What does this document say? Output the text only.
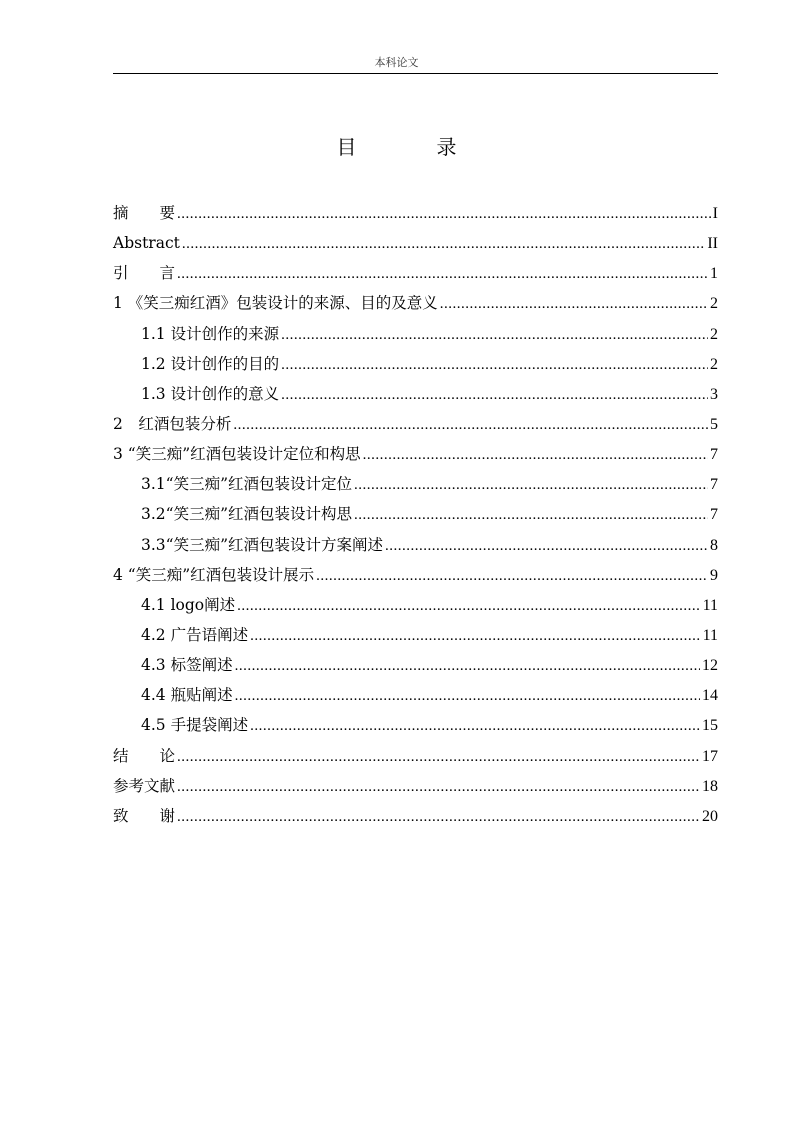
本科论文
目　录
摘　　要 .....	I
Abstract .....	II
引　　言 .....	1
1 《笑三痴红酒》包装设计的来源、目的及意义 .....	2
1.1 设计创作的来源 .....	2
1.2 设计创作的目的 .....	2
1.3 设计创作的意义 .....	3
2　红酒包装分析 .....	5
3 “笑三痴”红酒包装设计定位和构思 .....	7
3.1“笑三痴”红酒包装设计定位 .....	7
3.2“笑三痴”红酒包装设计构思 .....	7
3.3“笑三痴”红酒包装设计方案阐述 .....	8
4 “笑三痴”红酒包装设计展示 .....	9
4.1 logo阐述 .....	11
4.2 广告语阐述 .....	11
4.3 标签阐述 .....	12
4.4 瓶贴阐述 .....	14
4.5 手提袋阐述 .....	15
结　　论 .....	17
参考文献 .....	18
致　　谢 .....	20
